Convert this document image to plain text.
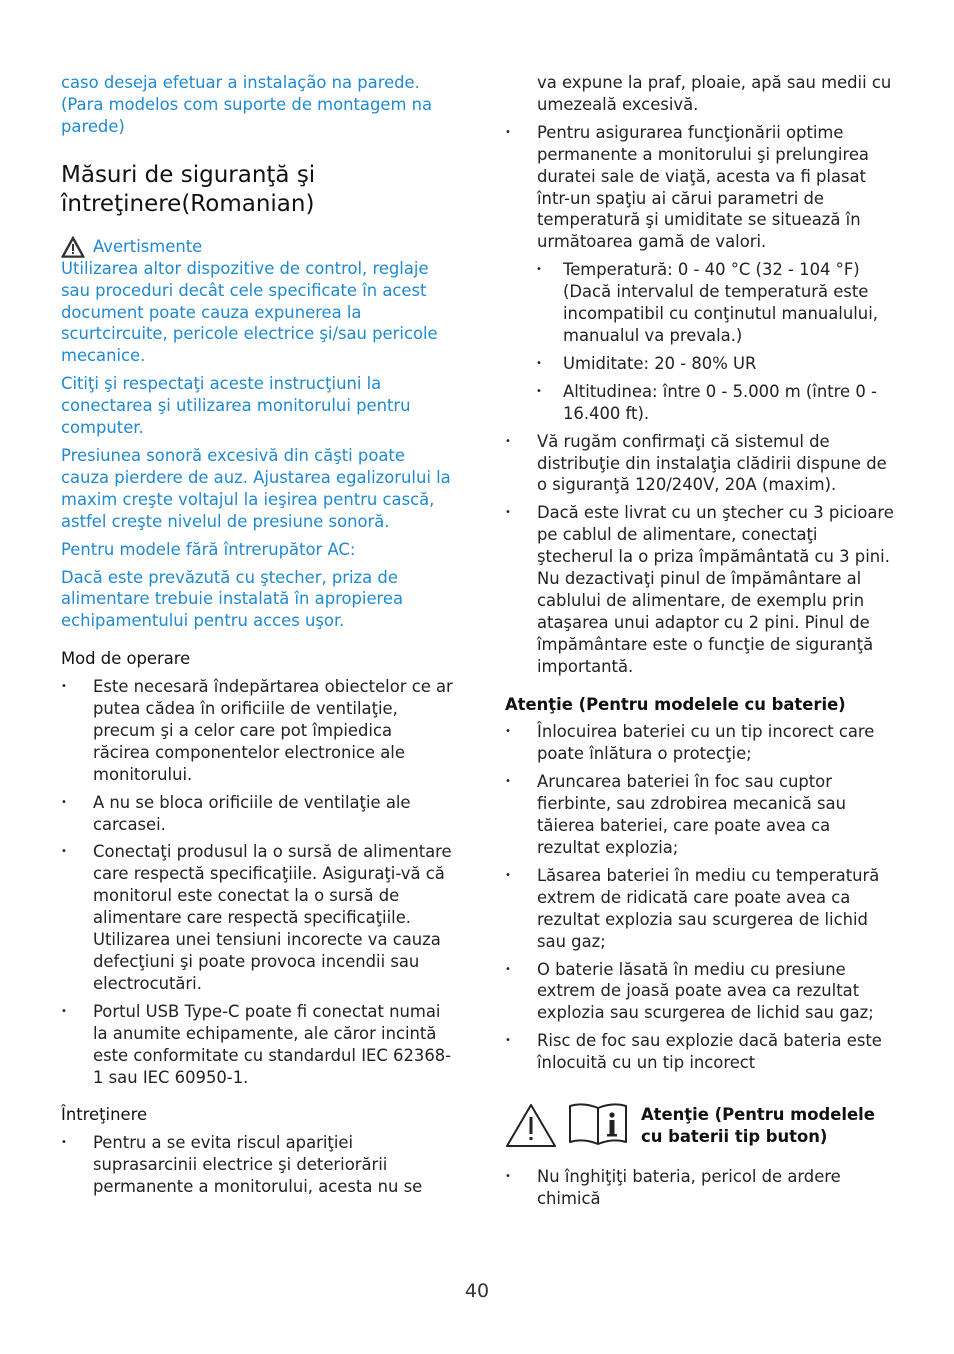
caso deseja efetuar a instalação na parede. (Para modelos com suporte de montagem na parede)

Măsuri de siguranţă şi întreţinere(Romanian)
Avertismente

Utilizarea altor dispozitive de control, reglaje sau proceduri decât cele specificate în acest document poate cauza expunerea la scurtcircuite, pericole electrice şi/sau pericole mecanice.

Citiţi şi respectaţi aceste instrucţiuni la conectarea şi utilizarea monitorului pentru computer.

Presiunea sonoră excesivă din căşti poate cauza pierdere de auz. Ajustarea egalizorului la maxim creşte voltajul la ieşirea pentru cască, astfel creşte nivelul de presiune sonoră.

Pentru modele fără întrerupător AC:

Dacă este prevăzută cu ştecher, priza de alimentare trebuie instalată în apropierea echipamentului pentru acces uşor.

Mod de operare
• Este necesară îndepărtarea obiectelor ce ar putea cădea în orificiile de ventilaţie, precum şi a celor care pot împiedica răcirea componentelor electronice ale monitorului.
• A nu se bloca orificiile de ventilaţie ale carcasei.
• Conectaţi produsul la o sursă de alimentare care respectă specificaţiile. Asiguraţi-vă că monitorul este conectat la o sursă de alimentare care respectă specificaţiile. Utilizarea unei tensiuni incorecte va cauza defecţiuni şi poate provoca incendii sau electrocutări.
• Portul USB Type-C poate fi conectat numai la anumite echipamente, ale căror incintă este conformitate cu standardul IEC 62368-1 sau IEC 60950-1.
Întreţinere
• Pentru a se evita riscul apariţiei suprasarcinii electrice şi deteriorării permanente a monitorului, acesta nu se

va expune la praf, ploaie, apă sau medii cu umezeală excesivă.

• Pentru asigurarea funcţionării optime permanente a monitorului şi prelungirea duratei sale de viaţă, acesta va fi plasat într-un spaţiu ai cărui parametri de temperatură şi umiditate se situează în următoarea gamă de valori.
• Temperatură: 0 - 40 °C (32 - 104 °F) (Dacă intervalul de temperatură este incompatibil cu conţinutul manualului, manualul va prevala.)
• Umiditate: 20 - 80% UR
• Altitudinea: între 0 - 5.000 m (între 0 - 16.400 ft).
• Vă rugăm confirmaţi că sistemul de distribuţie din instalaţia clădirii dispune de o siguranţă 120/240V, 20A (maxim).
• Dacă este livrat cu un ştecher cu 3 picioare pe cablul de alimentare, conectaţi ştecherul la o priza împământată cu 3 pini. Nu dezactivaţi pinul de împământare al cablului de alimentare, de exemplu prin ataşarea unui adaptor cu 2 pini. Pinul de împământare este o funcţie de siguranţă importantă.
Atenţie (Pentru modelele cu baterie)
• Înlocuirea bateriei cu un tip incorect care poate înlătura o protecţie;
• Aruncarea bateriei în foc sau cuptor fierbinte, sau zdrobirea mecanică sau tăierea bateriei, care poate avea ca rezultat explozia;
• Lăsarea bateriei în mediu cu temperatură extrem de ridicată care poate avea ca rezultat explozia sau scurgerea de lichid sau gaz;
• O baterie lăsată în mediu cu presiune extrem de joasă poate avea ca rezultat explozia sau scurgerea de lichid sau gaz;
• Risc de foc sau explozie dacă bateria este înlocuită cu un tip incorect
Atenţie (Pentru modelele cu baterii tip buton)
• Nu înghiţiţi bateria, pericol de ardere chimică
40
